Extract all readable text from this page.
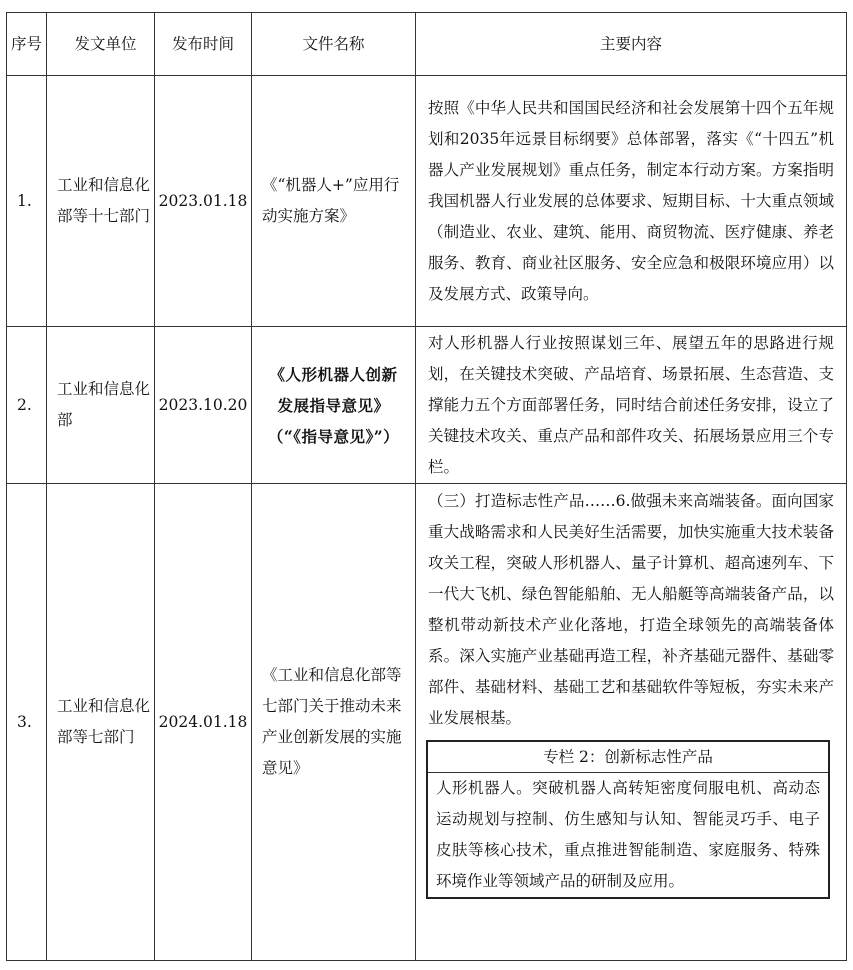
序号	发文单位	发布时间	文件名称	主要内容
1.	工业和信息化部等十七部门	2023.01.18	《“机器人+”应用行动实施方案》	按照《中华人民共和国国民经济和社会发展第十四个五年规划和2035年远景目标纲要》总体部署，落实《“十四五”机器人产业发展规划》重点任务，制定本行动方案。方案指明我国机器人行业发展的总体要求、短期目标、十大重点领域（制造业、农业、建筑、能用、商贸物流、医疗健康、养老服务、教育、商业社区服务、安全应急和极限环境应用）以及发展方式、政策导向。
2.	工业和信息化部	2023.10.20	《人形机器人创新发展指导意见》（“《指导意见》”）	对人形机器人行业按照谋划三年、展望五年的思路进行规划，在关键技术突破、产品培育、场景拓展、生态营造、支撑能力五个方面部署任务，同时结合前述任务安排，设立了关键技术攻关、重点产品和部件攻关、拓展场景应用三个专栏。
3.	工业和信息化部等七部门	2024.01.18	《工业和信息化部等七部门关于推动未来产业创新发展的实施意见》	（三）打造标志性产品……6.做强未来高端装备。面向国家重大战略需求和人民美好生活需要，加快实施重大技术装备攻关工程，突破人形机器人、量子计算机、超高速列车、下一代大飞机、绿色智能船舶、无人船艇等高端装备产品，以整机带动新技术产业化落地，打造全球领先的高端装备体系。深入实施产业基础再造工程，补齐基础元器件、基础零部件、基础材料、基础工艺和基础软件等短板，夯实未来产业发展根基。
专栏 2：创新标志性产品
人形机器人。突破机器人高转矩密度伺服电机、高动态运动规划与控制、仿生感知与认知、智能灵巧手、电子皮肤等核心技术，重点推进智能制造、家庭服务、特殊环境作业等领域产品的研制及应用。
